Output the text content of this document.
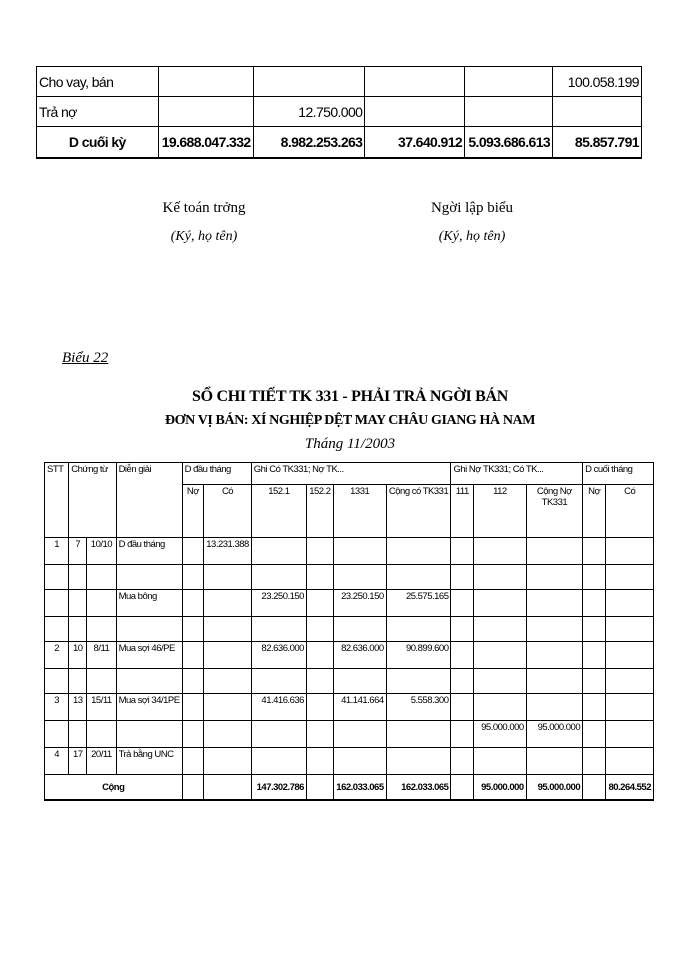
Cho vay, bán					100.058.199
Trả nợ		12.750.000			
D cuối kỳ	19.688.047.332	8.982.253.263	37.640.912	5.093.686.613	85.857.791
Kế toán trởng
(Ký, họ tên)
Ngời lập biểu
(Ký, họ tên)
Biểu 22
SỔ CHI TIẾT TK 331 - PHẢI TRẢ NGỜI BÁN
ĐƠN VỊ BÁN: XÍ NGHIỆP DỆT MAY CHÂU GIANG HÀ NAM
Tháng 11/2003
STT	Chứng từ		Diễn giải	D đầu tháng		Ghi Có TK331; Nợ TK...				Ghi Nợ TK331; Có TK...			D cuối tháng	
				Nợ	Có	152.1	152.2	1331	Cộng có TK331	111	112	Cộng Nợ TK331	Nợ	Có
1	7	10/10	D đầu tháng		13.231.388									

			Mua bông			23.250.150		23.250.150	25.575.165					

2	10	8/11	Mua sợi 46/PE			82.636.000		82.636.000	90.899.600					

3	13	15/11	Mua sợi 34/1PE			41.416.636		41.141.664	5.558.300					
											95.000.000	95.000.000		
4	17	20/11	Trả bằng UNC											
Cộng						147.302.786		162.033.065	162.033.065		95.000.000	95.000.000		80.264.552
